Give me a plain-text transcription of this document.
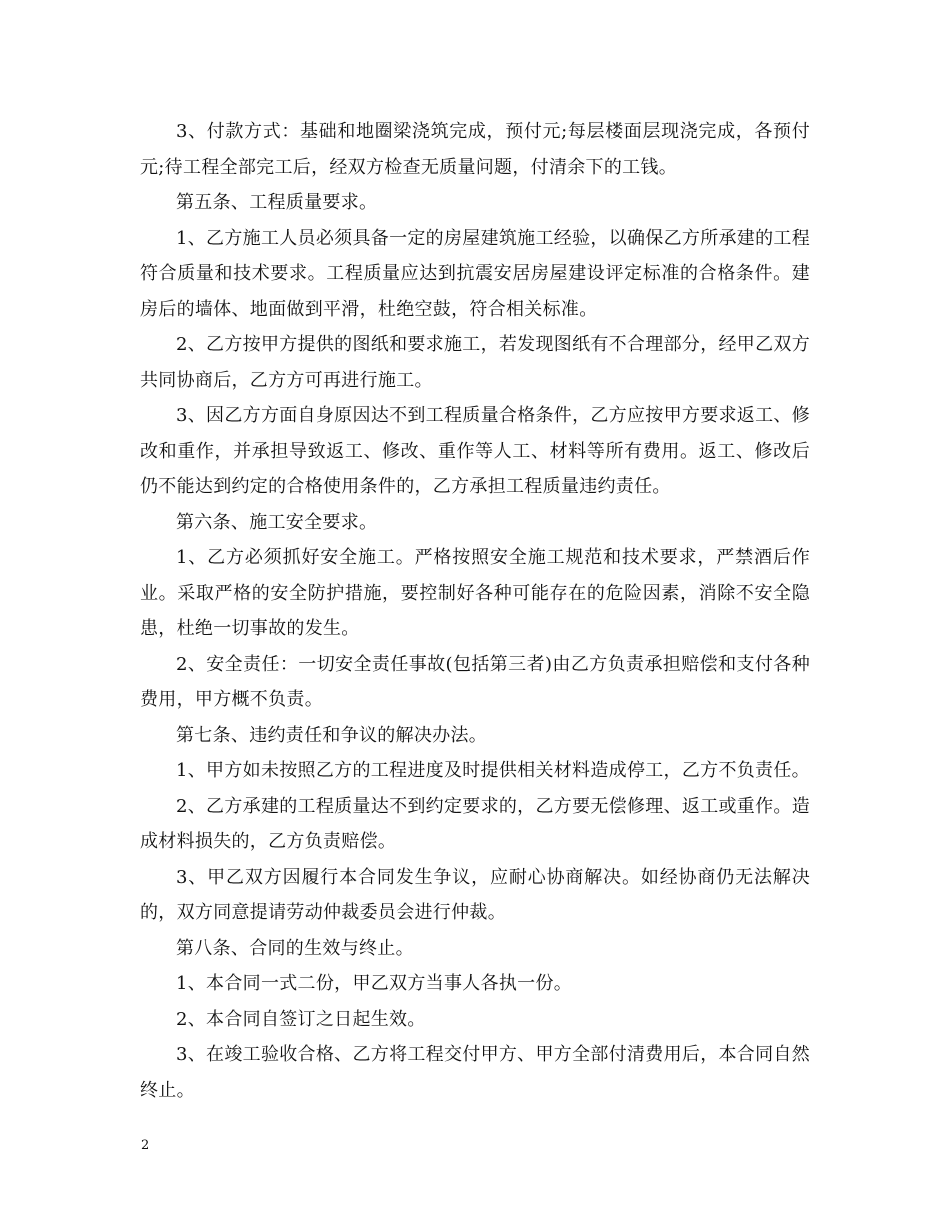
3、付款方式：基础和地圈梁浇筑完成，预付元;每层楼面层现浇完成，各预付元;待工程全部完工后，经双方检查无质量问题，付清余下的工钱。

第五条、工程质量要求。

1、乙方施工人员必须具备一定的房屋建筑施工经验，以确保乙方所承建的工程符合质量和技术要求。工程质量应达到抗震安居房屋建设评定标准的合格条件。建房后的墙体、地面做到平滑，杜绝空鼓，符合相关标准。

2、乙方按甲方提供的图纸和要求施工，若发现图纸有不合理部分，经甲乙双方共同协商后，乙方方可再进行施工。

3、因乙方方面自身原因达不到工程质量合格条件，乙方应按甲方要求返工、修改和重作，并承担导致返工、修改、重作等人工、材料等所有费用。返工、修改后仍不能达到约定的合格使用条件的，乙方承担工程质量违约责任。

第六条、施工安全要求。

1、乙方必须抓好安全施工。严格按照安全施工规范和技术要求，严禁酒后作业。采取严格的安全防护措施，要控制好各种可能存在的危险因素，消除不安全隐患，杜绝一切事故的发生。

2、安全责任：一切安全责任事故(包括第三者)由乙方负责承担赔偿和支付各种费用，甲方概不负责。

第七条、违约责任和争议的解决办法。

1、甲方如未按照乙方的工程进度及时提供相关材料造成停工，乙方不负责任。

2、乙方承建的工程质量达不到约定要求的，乙方要无偿修理、返工或重作。造成材料损失的，乙方负责赔偿。

3、甲乙双方因履行本合同发生争议，应耐心协商解决。如经协商仍无法解决的，双方同意提请劳动仲裁委员会进行仲裁。

第八条、合同的生效与终止。

1、本合同一式二份，甲乙双方当事人各执一份。

2、本合同自签订之日起生效。

3、在竣工验收合格、乙方将工程交付甲方、甲方全部付清费用后，本合同自然终止。

2
